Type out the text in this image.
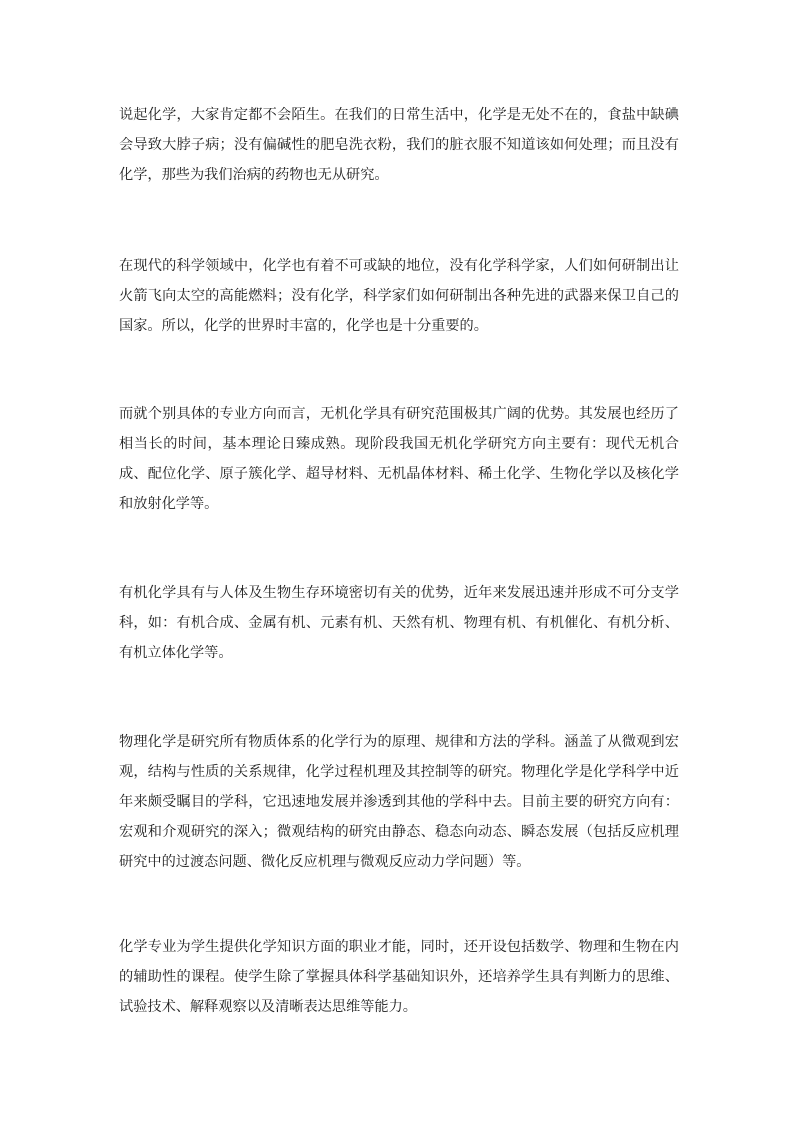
说起化学，大家肯定都不会陌生。在我们的日常生活中，化学是无处不在的，食盐中缺碘会导致大脖子病；没有偏碱性的肥皂洗衣粉，我们的脏衣服不知道该如何处理；而且没有化学，那些为我们治病的药物也无从研究。

在现代的科学领域中，化学也有着不可或缺的地位，没有化学科学家，人们如何研制出让火箭飞向太空的高能燃料；没有化学，科学家们如何研制出各种先进的武器来保卫自己的国家。所以，化学的世界时丰富的，化学也是十分重要的。

而就个别具体的专业方向而言，无机化学具有研究范围极其广阔的优势。其发展也经历了相当长的时间，基本理论日臻成熟。现阶段我国无机化学研究方向主要有：现代无机合成、配位化学、原子簇化学、超导材料、无机晶体材料、稀土化学、生物化学以及核化学和放射化学等。

有机化学具有与人体及生物生存环境密切有关的优势，近年来发展迅速并形成不可分支学科，如：有机合成、金属有机、元素有机、天然有机、物理有机、有机催化、有机分析、有机立体化学等。

物理化学是研究所有物质体系的化学行为的原理、规律和方法的学科。涵盖了从微观到宏观，结构与性质的关系规律，化学过程机理及其控制等的研究。物理化学是化学科学中近年来颇受瞩目的学科，它迅速地发展并渗透到其他的学科中去。目前主要的研究方向有：宏观和介观研究的深入；微观结构的研究由静态、稳态向动态、瞬态发展（包括反应机理研究中的过渡态问题、微化反应机理与微观反应动力学问题）等。

化学专业为学生提供化学知识方面的职业才能，同时，还开设包括数学、物理和生物在内的辅助性的课程。使学生除了掌握具体科学基础知识外，还培养学生具有判断力的思维、试验技术、解释观察以及清晰表达思维等能力。
